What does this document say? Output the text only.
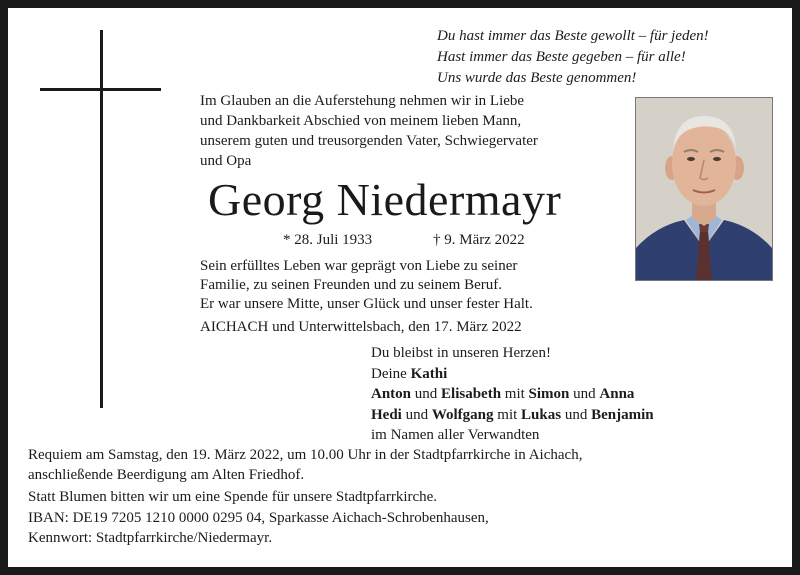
Du hast immer das Beste gewollt – für jeden!
Hast immer das Beste gegeben – für alle!
Uns wurde das Beste genommen!
Im Glauben an die Auferstehung nehmen wir in Liebe
und Dankbarkeit Abschied von meinem lieben Mann,
unserem guten und treusorgenden Vater, Schwiegervater
und Opa
Georg Niedermayr
* 28. Juli 1933	† 9. März 2022
Sein erfülltes Leben war geprägt von Liebe zu seiner
Familie, zu seinen Freunden und zu seinem Beruf.
Er war unsere Mitte, unser Glück und unser fester Halt.
AICHACH und Unterwittelsbach, den 17. März 2022
Du bleibst in unseren Herzen!
Deine Kathi
Anton und Elisabeth mit Simon und Anna
Hedi und Wolfgang mit Lukas und Benjamin
im Namen aller Verwandten
Requiem am Samstag, den 19. März 2022, um 10.00 Uhr in der Stadtpfarrkirche in Aichach,
anschließende Beerdigung am Alten Friedhof.
Statt Blumen bitten wir um eine Spende für unsere Stadtpfarrkirche.
IBAN: DE19 7205 1210 0000 0295 04, Sparkasse Aichach-Schrobenhausen,
Kennwort: Stadtpfarrkirche/Niedermayr.
